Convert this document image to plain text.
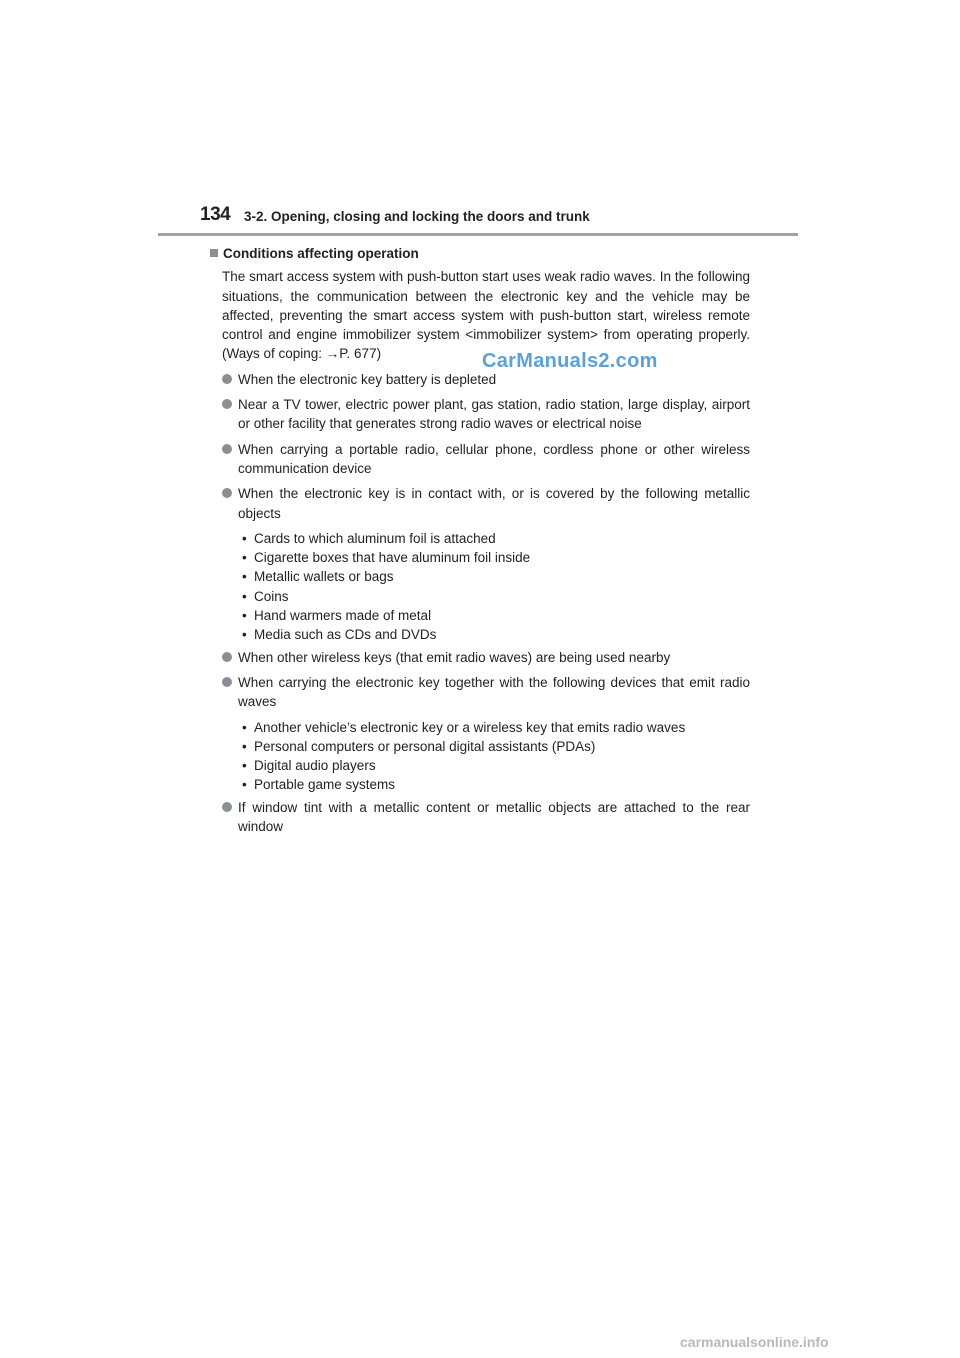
134 3-2. Opening, closing and locking the doors and trunk
CarManuals2.com
Conditions affecting operation

The smart access system with push-button start uses weak radio waves. In the following situations, the communication between the electronic key and the vehicle may be affected, preventing the smart access system with push-button start, wireless remote control and engine immobilizer system <immobilizer system> from operating properly. (Ways of coping: →P. 677)

When the electronic key battery is depleted
Near a TV tower, electric power plant, gas station, radio station, large display, airport or other facility that generates strong radio waves or electrical noise
When carrying a portable radio, cellular phone, cordless phone or other wireless communication device
When the electronic key is in contact with, or is covered by the following metallic objects
• Cards to which aluminum foil is attached
• Cigarette boxes that have aluminum foil inside
• Metallic wallets or bags
• Coins
• Hand warmers made of metal
• Media such as CDs and DVDs
When other wireless keys (that emit radio waves) are being used nearby
When carrying the electronic key together with the following devices that emit radio waves
• Another vehicle’s electronic key or a wireless key that emits radio waves
• Personal computers or personal digital assistants (PDAs)
• Digital audio players
• Portable game systems
If window tint with a metallic content or metallic objects are attached to the rear window
carmanualsonline.info
